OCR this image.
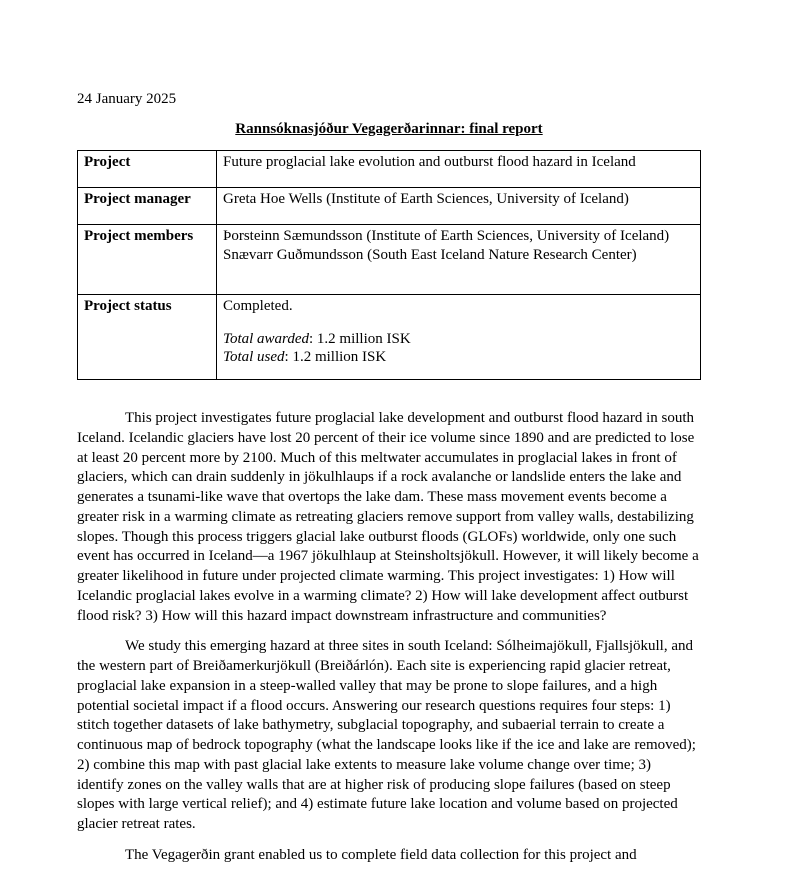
24 January 2025
Rannsóknasjóður Vegagerðarinnar: final report
Project	Future proglacial lake evolution and outburst flood hazard in Iceland
Project manager	Greta Hoe Wells (Institute of Earth Sciences, University of Iceland)
Project members	Þorsteinn Sæmundsson (Institute of Earth Sciences, University of Iceland)
Snævarr Guðmundsson (South East Iceland Nature Research Center)

Project status	Completed.
Total awarded: 1.2 million ISK
Total used: 1.2 million ISK

This project investigates future proglacial lake development and outburst flood hazard in south Iceland. Icelandic glaciers have lost 20 percent of their ice volume since 1890 and are predicted to lose at least 20 percent more by 2100. Much of this meltwater accumulates in proglacial lakes in front of glaciers, which can drain suddenly in jökulhlaups if a rock avalanche or landslide enters the lake and generates a tsunami-like wave that overtops the lake dam. These mass movement events become a greater risk in a warming climate as retreating glaciers remove support from valley walls, destabilizing slopes. Though this process triggers glacial lake outburst floods (GLOFs) worldwide, only one such event has occurred in Iceland—a 1967 jökulhlaup at Steinsholtsjökull. However, it will likely become a greater likelihood in future under projected climate warming. This project investigates: 1) How will Icelandic proglacial lakes evolve in a warming climate? 2) How will lake development affect outburst flood risk? 3) How will this hazard impact downstream infrastructure and communities?

We study this emerging hazard at three sites in south Iceland: Sólheimajökull, Fjallsjökull, and the western part of Breiðamerkurjökull (Breiðárlón). Each site is experiencing rapid glacier retreat, proglacial lake expansion in a steep-walled valley that may be prone to slope failures, and a high potential societal impact if a flood occurs. Answering our research questions requires four steps: 1) stitch together datasets of lake bathymetry, subglacial topography, and subaerial terrain to create a continuous map of bedrock topography (what the landscape looks like if the ice and lake are removed); 2) combine this map with past glacial lake extents to measure lake volume change over time; 3) identify zones on the valley walls that are at higher risk of producing slope failures (based on steep slopes with large vertical relief); and 4) estimate future lake location and volume based on projected glacier retreat rates.

The Vegagerðin grant enabled us to complete field data collection for this project and
